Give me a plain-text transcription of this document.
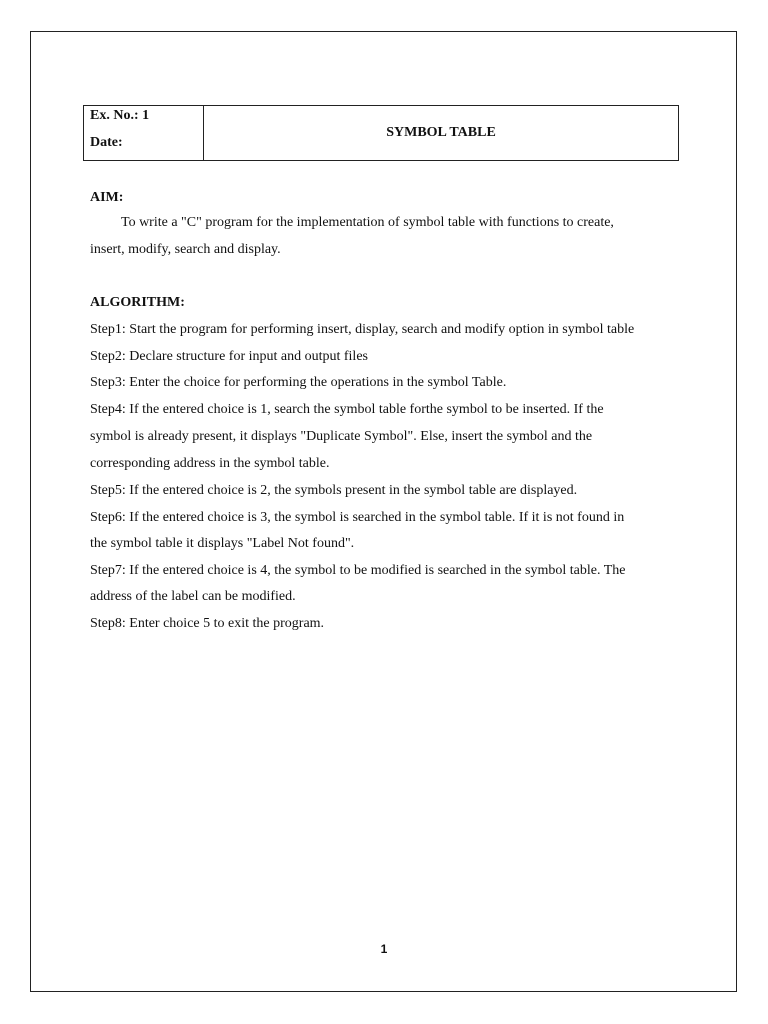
Ex. No.: 1
Date:
SYMBOL TABLE
AIM:
To write a "C" program for the implementation of symbol table with functions to create,
insert, modify, search and display.
ALGORITHM:
Step1: Start the program for performing insert, display, search and modify option in symbol table
Step2: Declare structure for input and output files
Step3: Enter the choice for performing the operations in the symbol Table.
Step4: If the entered choice is 1, search the symbol table forthe symbol to be inserted. If the
symbol is already present, it displays "Duplicate Symbol". Else, insert the symbol and the
corresponding address in the symbol table.
Step5: If the entered choice is 2, the symbols present in the symbol table are displayed.
Step6: If the entered choice is 3, the symbol is searched in the symbol table. If it is not found in
the symbol table it displays "Label Not found".
Step7: If the entered choice is 4, the symbol to be modified is searched in the symbol table. The
address of the label can be modified.
Step8: Enter choice 5 to exit the program.
1
